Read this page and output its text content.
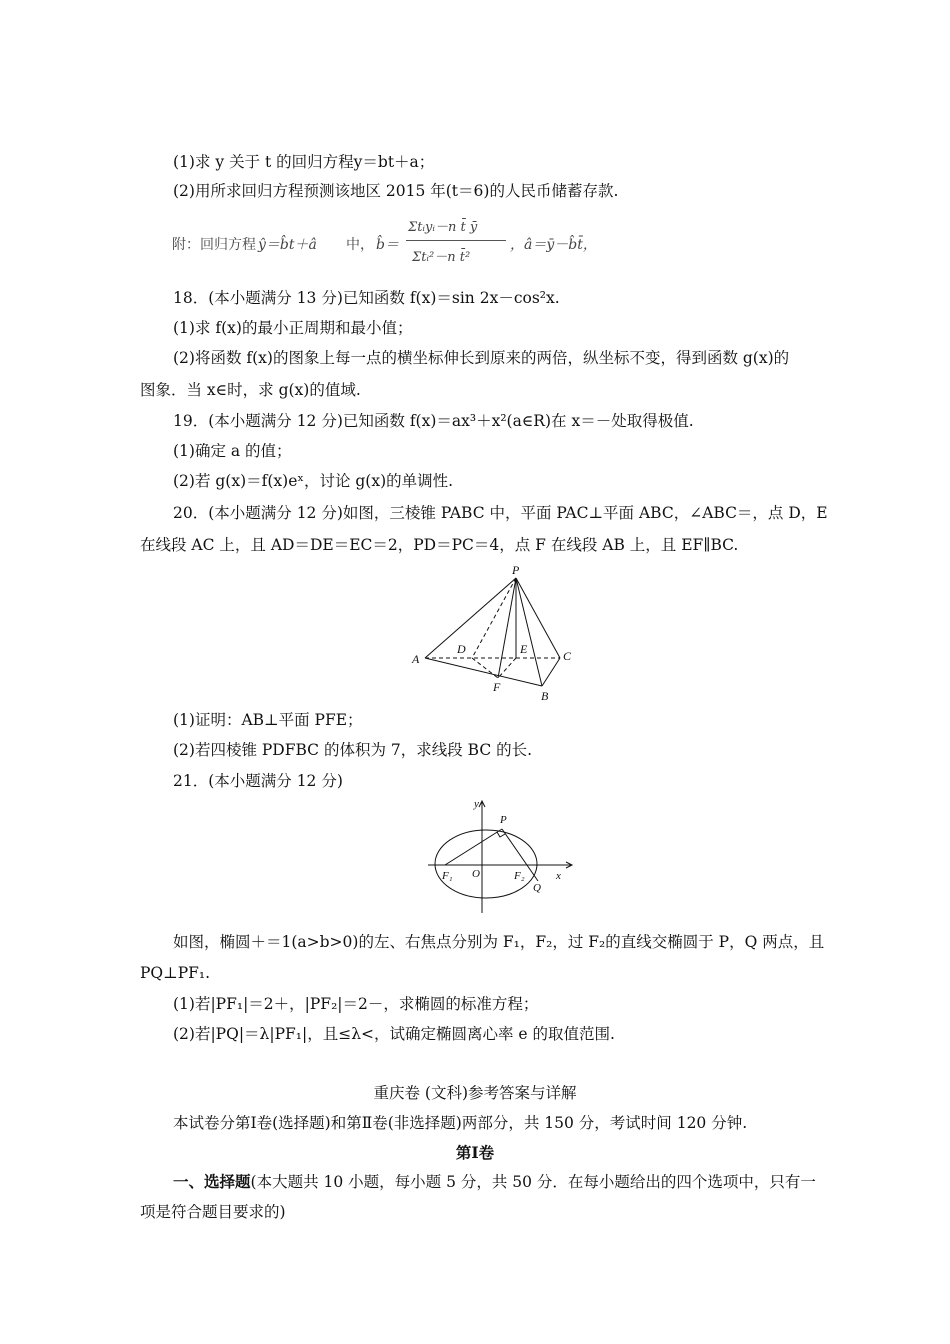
(1)求 y 关于 t 的回归方程y＝bt＋a；
(2)用所求回归方程预测该地区 2015 年(t＝6)的人民币储蓄存款.
附：回归方程 ŷ＝b̂t＋â 中， b̂＝
Σtᵢyᵢ－n t̄ ȳ
Σtᵢ²－n t̄²
，â＝ȳ－b̂t̄，
18．(本小题满分 13 分)已知函数 f(x)＝sin 2x－cos²x.
(1)求 f(x)的最小正周期和最小值；
(2)将函数 f(x)的图象上每一点的横坐标伸长到原来的两倍，纵坐标不变，得到函数 g(x)的
图象．当 x∈时，求 g(x)的值域.
19．(本小题满分 12 分)已知函数 f(x)＝ax³＋x²(a∈R)在 x＝－处取得极值.
(1)确定 a 的值；
(2)若 g(x)＝f(x)eˣ，讨论 g(x)的单调性.
20．(本小题满分 12 分)如图，三棱锥 PABC 中，平面 PAC⊥平面 ABC，∠ABC＝，点 D，E
在线段 AC 上，且 AD＝DE＝EC＝2，PD＝PC＝4，点 F 在线段 AB 上，且 EF∥BC.
P
A
B
C
D	E
F
(1)证明：AB⊥平面 PFE；
(2)若四棱锥 PDFBC 的体积为 7，求线段 BC 的长.
21．(本小题满分 12 分)
y
x
O
P
Q
F₁	F₂
如图，椭圆＋＝1(a>b>0)的左、右焦点分别为 F₁，F₂，过 F₂的直线交椭圆于 P，Q 两点，且
PQ⊥PF₁.
(1)若|PF₁|＝2＋，|PF₂|＝2－，求椭圆的标准方程；
(2)若|PQ|＝λ|PF₁|，且≤λ<，试确定椭圆离心率 e 的取值范围.
重庆卷 (文科)参考答案与详解
本试卷分第Ⅰ卷(选择题)和第Ⅱ卷(非选择题)两部分，共 150 分，考试时间 120 分钟.
第Ⅰ卷
一、选择题(本大题共 10 小题，每小题 5 分，共 50 分．在每小题给出的四个选项中，只有一
项是符合题目要求的)
